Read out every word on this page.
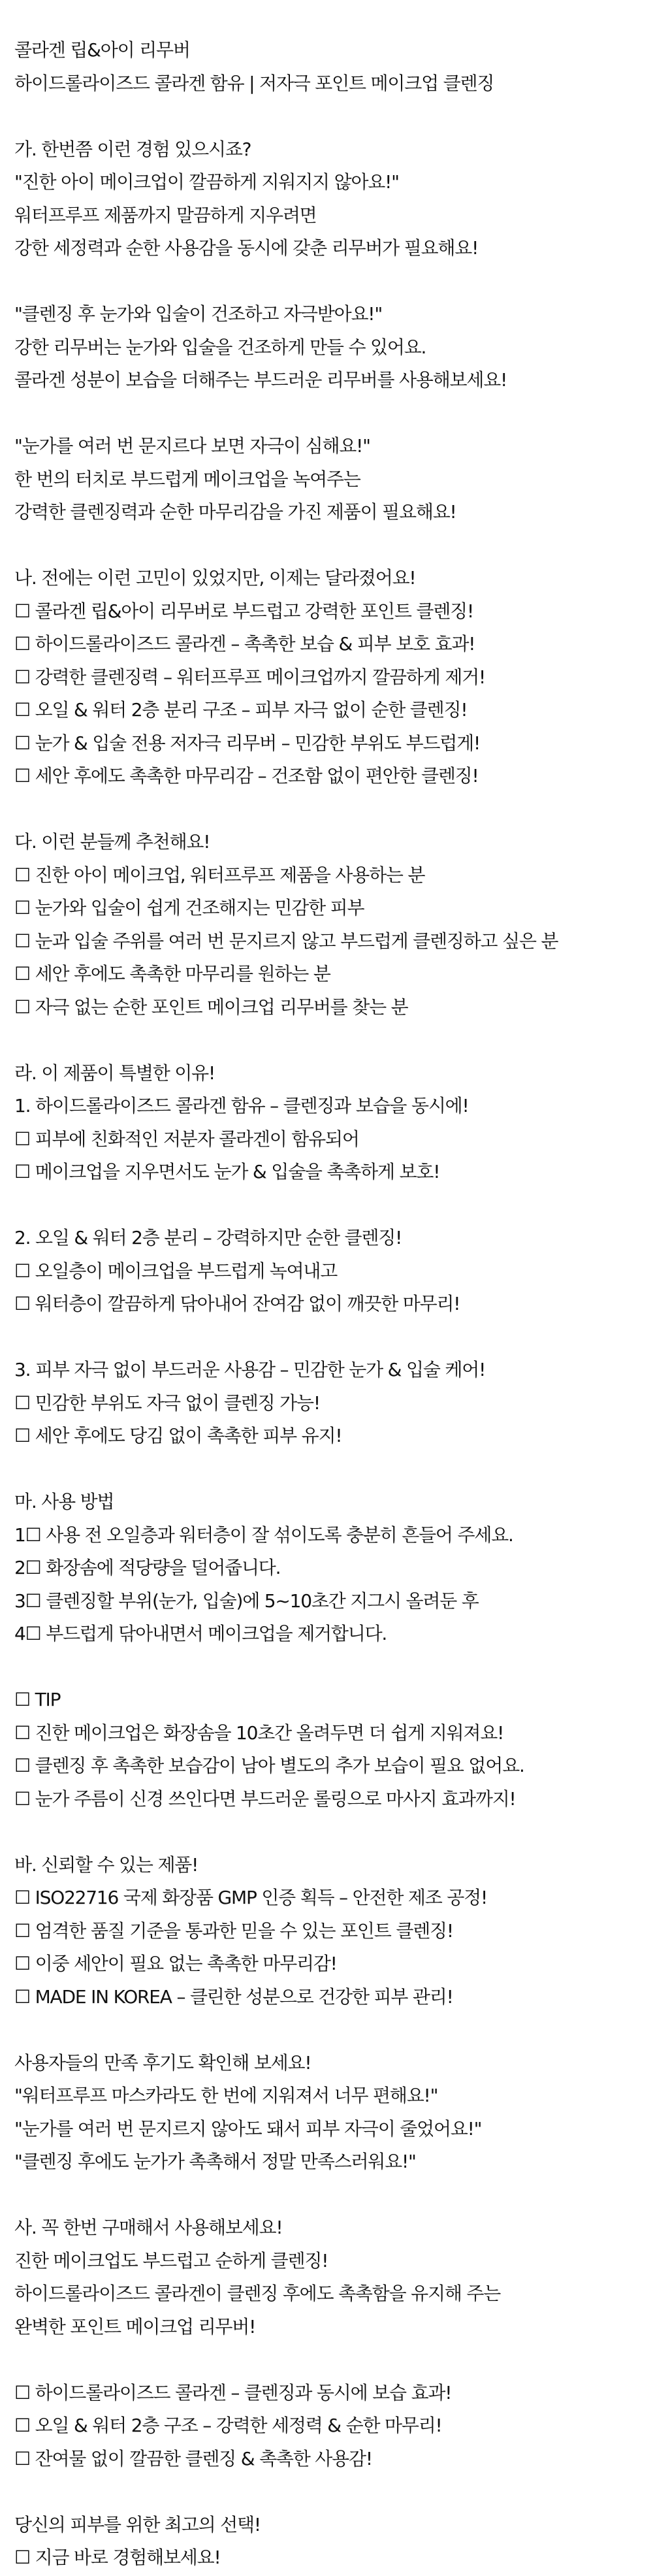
콜라겐 립&아이 리무버
하이드롤라이즈드 콜라겐 함유 | 저자극 포인트 메이크업 클렌징
가. 한번쯤 이런 경험 있으시죠?
"진한 아이 메이크업이 깔끔하게 지워지지 않아요!"
워터프루프 제품까지 말끔하게 지우려면
강한 세정력과 순한 사용감을 동시에 갖춘 리무버가 필요해요!
"클렌징 후 눈가와 입술이 건조하고 자극받아요!"
강한 리무버는 눈가와 입술을 건조하게 만들 수 있어요.
콜라겐 성분이 보습을 더해주는 부드러운 리무버를 사용해보세요!
"눈가를 여러 번 문지르다 보면 자극이 심해요!"
한 번의 터치로 부드럽게 메이크업을 녹여주는
강력한 클렌징력과 순한 마무리감을 가진 제품이 필요해요!
나. 전에는 이런 고민이 있었지만, 이제는 달라졌어요!
☐ 콜라겐 립&아이 리무버로 부드럽고 강력한 포인트 클렌징!
☐ 하이드롤라이즈드 콜라겐 – 촉촉한 보습 & 피부 보호 효과!
☐ 강력한 클렌징력 – 워터프루프 메이크업까지 깔끔하게 제거!
☐ 오일 & 워터 2층 분리 구조 – 피부 자극 없이 순한 클렌징!
☐ 눈가 & 입술 전용 저자극 리무버 – 민감한 부위도 부드럽게!
☐ 세안 후에도 촉촉한 마무리감 – 건조함 없이 편안한 클렌징!
다. 이런 분들께 추천해요!
☐ 진한 아이 메이크업, 워터프루프 제품을 사용하는 분
☐ 눈가와 입술이 쉽게 건조해지는 민감한 피부
☐ 눈과 입술 주위를 여러 번 문지르지 않고 부드럽게 클렌징하고 싶은 분
☐ 세안 후에도 촉촉한 마무리를 원하는 분
☐ 자극 없는 순한 포인트 메이크업 리무버를 찾는 분
라. 이 제품이 특별한 이유!
1. 하이드롤라이즈드 콜라겐 함유 – 클렌징과 보습을 동시에!
☐ 피부에 친화적인 저분자 콜라겐이 함유되어
☐ 메이크업을 지우면서도 눈가 & 입술을 촉촉하게 보호!
2. 오일 & 워터 2층 분리 – 강력하지만 순한 클렌징!
☐ 오일층이 메이크업을 부드럽게 녹여내고
☐ 워터층이 깔끔하게 닦아내어 잔여감 없이 깨끗한 마무리!
3. 피부 자극 없이 부드러운 사용감 – 민감한 눈가 & 입술 케어!
☐ 민감한 부위도 자극 없이 클렌징 가능!
☐ 세안 후에도 당김 없이 촉촉한 피부 유지!
마. 사용 방법
1☐ 사용 전 오일층과 워터층이 잘 섞이도록 충분히 흔들어 주세요.
2☐ 화장솜에 적당량을 덜어줍니다.
3☐ 클렌징할 부위(눈가, 입술)에 5~10초간 지그시 올려둔 후
4☐ 부드럽게 닦아내면서 메이크업을 제거합니다.
☐ TIP
☐ 진한 메이크업은 화장솜을 10초간 올려두면 더 쉽게 지워져요!
☐ 클렌징 후 촉촉한 보습감이 남아 별도의 추가 보습이 필요 없어요.
☐ 눈가 주름이 신경 쓰인다면 부드러운 롤링으로 마사지 효과까지!
바. 신뢰할 수 있는 제품!
☐ ISO22716 국제 화장품 GMP 인증 획득 – 안전한 제조 공정!
☐ 엄격한 품질 기준을 통과한 믿을 수 있는 포인트 클렌징!
☐ 이중 세안이 필요 없는 촉촉한 마무리감!
☐ MADE IN KOREA – 클린한 성분으로 건강한 피부 관리!
사용자들의 만족 후기도 확인해 보세요!
"워터프루프 마스카라도 한 번에 지워져서 너무 편해요!"
"눈가를 여러 번 문지르지 않아도 돼서 피부 자극이 줄었어요!"
"클렌징 후에도 눈가가 촉촉해서 정말 만족스러워요!"
사. 꼭 한번 구매해서 사용해보세요!
진한 메이크업도 부드럽고 순하게 클렌징!
하이드롤라이즈드 콜라겐이 클렌징 후에도 촉촉함을 유지해 주는
완벽한 포인트 메이크업 리무버!
☐ 하이드롤라이즈드 콜라겐 – 클렌징과 동시에 보습 효과!
☐ 오일 & 워터 2층 구조 – 강력한 세정력 & 순한 마무리!
☐ 잔여물 없이 깔끔한 클렌징 & 촉촉한 사용감!
당신의 피부를 위한 최고의 선택!
☐ 지금 바로 경험해보세요!
